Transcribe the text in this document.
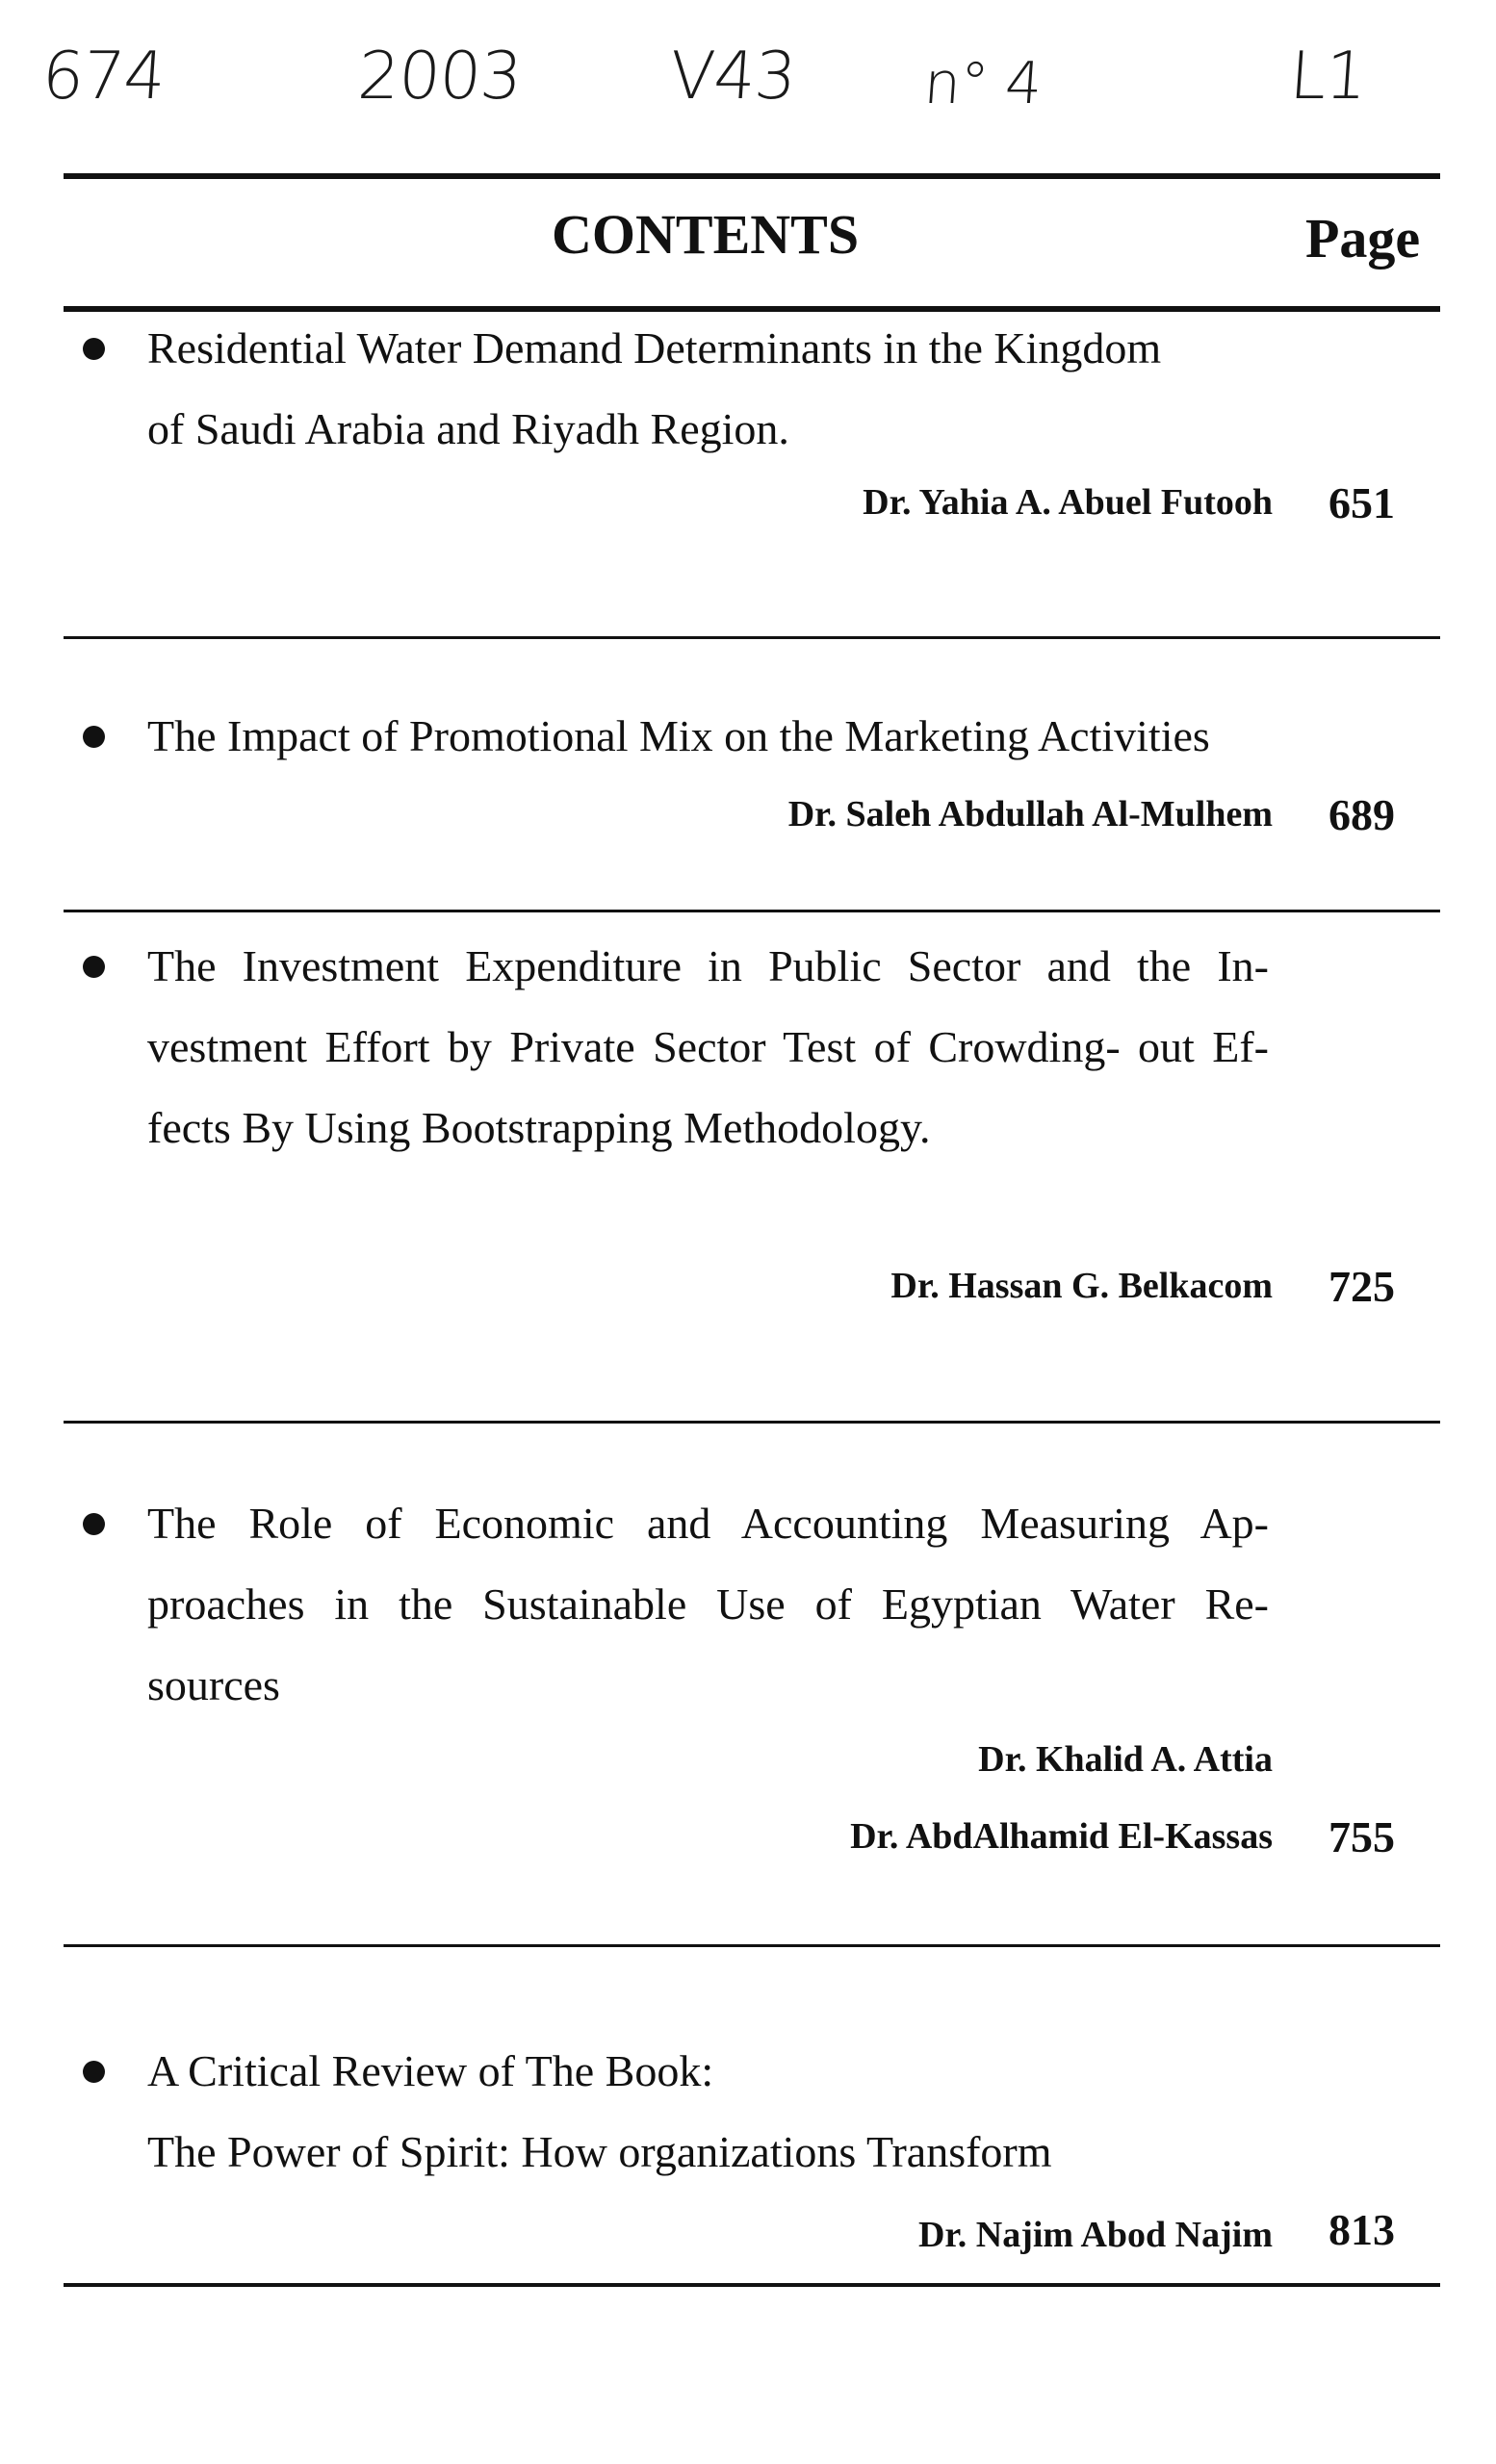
674	2003 V43 n° 4	L1
CONTENTS	Page
Residential Water Demand Determinants in the Kingdom
of Saudi Arabia and Riyadh Region.
Dr. Yahia A. Abuel Futooh 651
The Impact of Promotional Mix on the Marketing Activities
Dr. Saleh Abdullah Al-Mulhem 689
The Investment Expenditure in Public Sector and the In-
vestment Effort by Private Sector Test of Crowding- out Ef-
fects By Using Bootstrapping Methodology.
Dr. Hassan G. Belkacom 725
The Role of Economic and Accounting Measuring Ap-
proaches in the Sustainable Use of Egyptian Water Re-
sources
Dr. Khalid A. Attia
Dr. AbdAlhamid El-Kassas 755
A Critical Review of The Book:
The Power of Spirit: How organizations Transform
Dr. Najim Abod Najim 813
